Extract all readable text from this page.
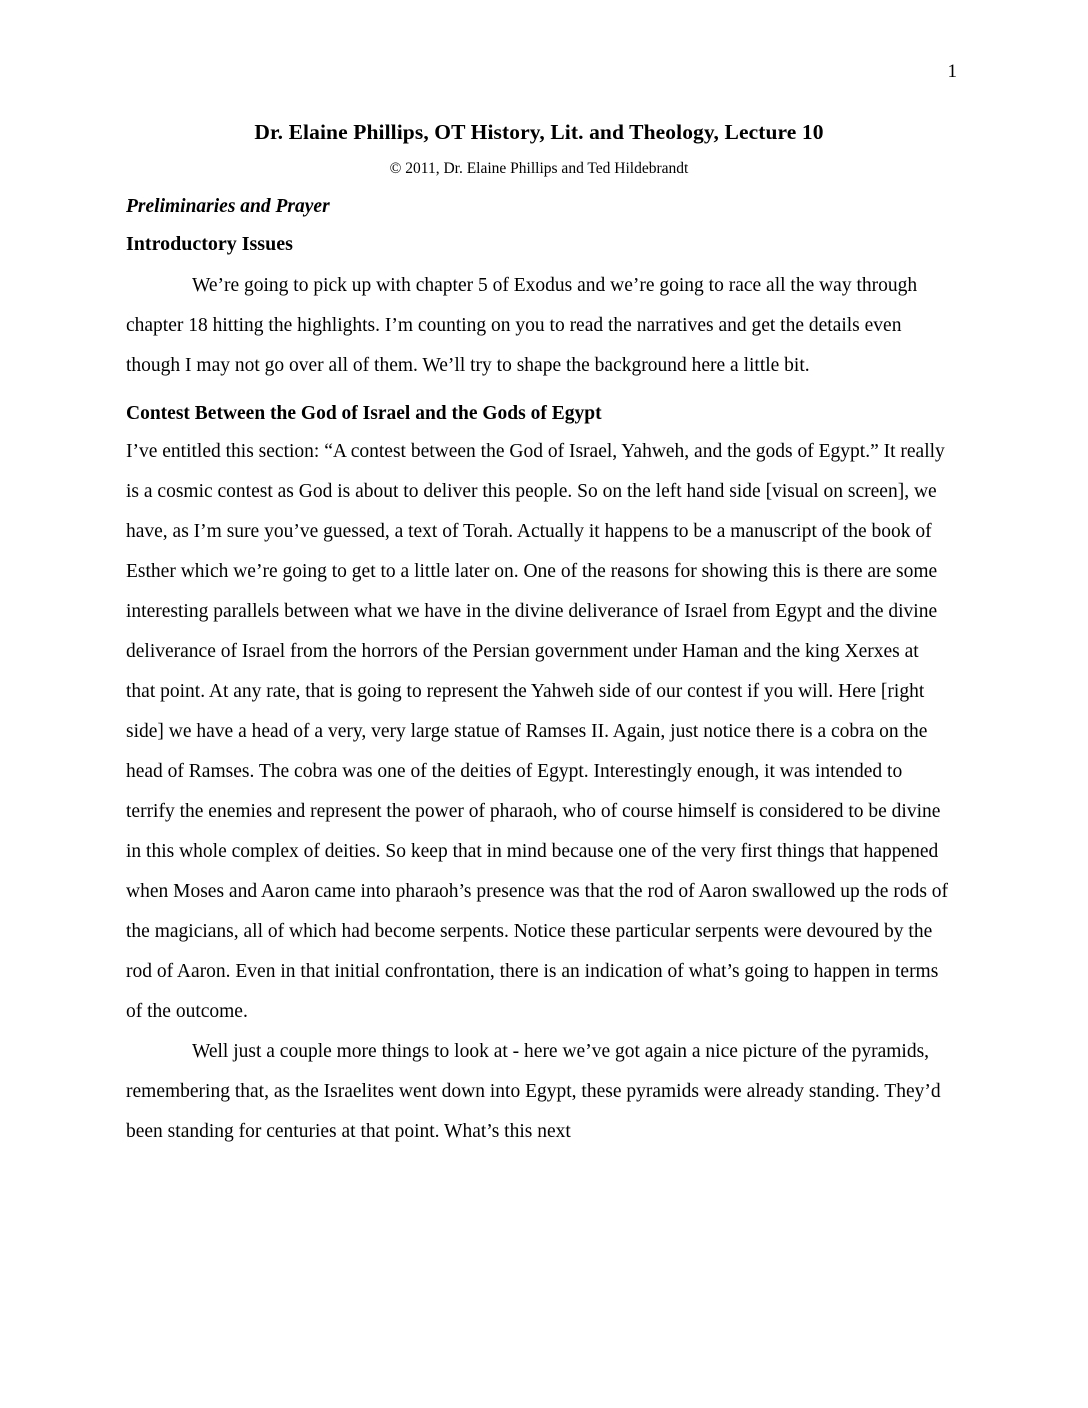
1
Dr. Elaine Phillips, OT History, Lit. and Theology, Lecture 10
© 2011, Dr. Elaine Phillips and Ted Hildebrandt
Preliminaries and Prayer
Introductory Issues

We’re going to pick up with chapter 5 of Exodus and we’re going to race all the way through chapter 18 hitting the highlights. I’m counting on you to read the narratives and get the details even though I may not go over all of them. We’ll try to shape the background here a little bit.

Contest Between the God of Israel and the Gods of Egypt

I’ve entitled this section: “A contest between the God of Israel, Yahweh, and the gods of Egypt.” It really is a cosmic contest as God is about to deliver this people. So on the left hand side [visual on screen], we have, as I’m sure you’ve guessed, a text of Torah. Actually it happens to be a manuscript of the book of Esther which we’re going to get to a little later on. One of the reasons for showing this is there are some interesting parallels between what we have in the divine deliverance of Israel from Egypt and the divine deliverance of Israel from the horrors of the Persian government under Haman and the king Xerxes at that point. At any rate, that is going to represent the Yahweh side of our contest if you will. Here [right side] we have a head of a very, very large statue of Ramses II. Again, just notice there is a cobra on the head of Ramses. The cobra was one of the deities of Egypt. Interestingly enough, it was intended to terrify the enemies and represent the power of pharaoh, who of course himself is considered to be divine in this whole complex of deities. So keep that in mind because one of the very first things that happened when Moses and Aaron came into pharaoh’s presence was that the rod of Aaron swallowed up the rods of the magicians, all of which had become serpents. Notice these particular serpents were devoured by the rod of Aaron. Even in that initial confrontation, there is an indication of what’s going to happen in terms of the outcome.

Well just a couple more things to look at - here we’ve got again a nice picture of the pyramids, remembering that, as the Israelites went down into Egypt, these pyramids were already standing. They’d been standing for centuries at that point. What’s this next
